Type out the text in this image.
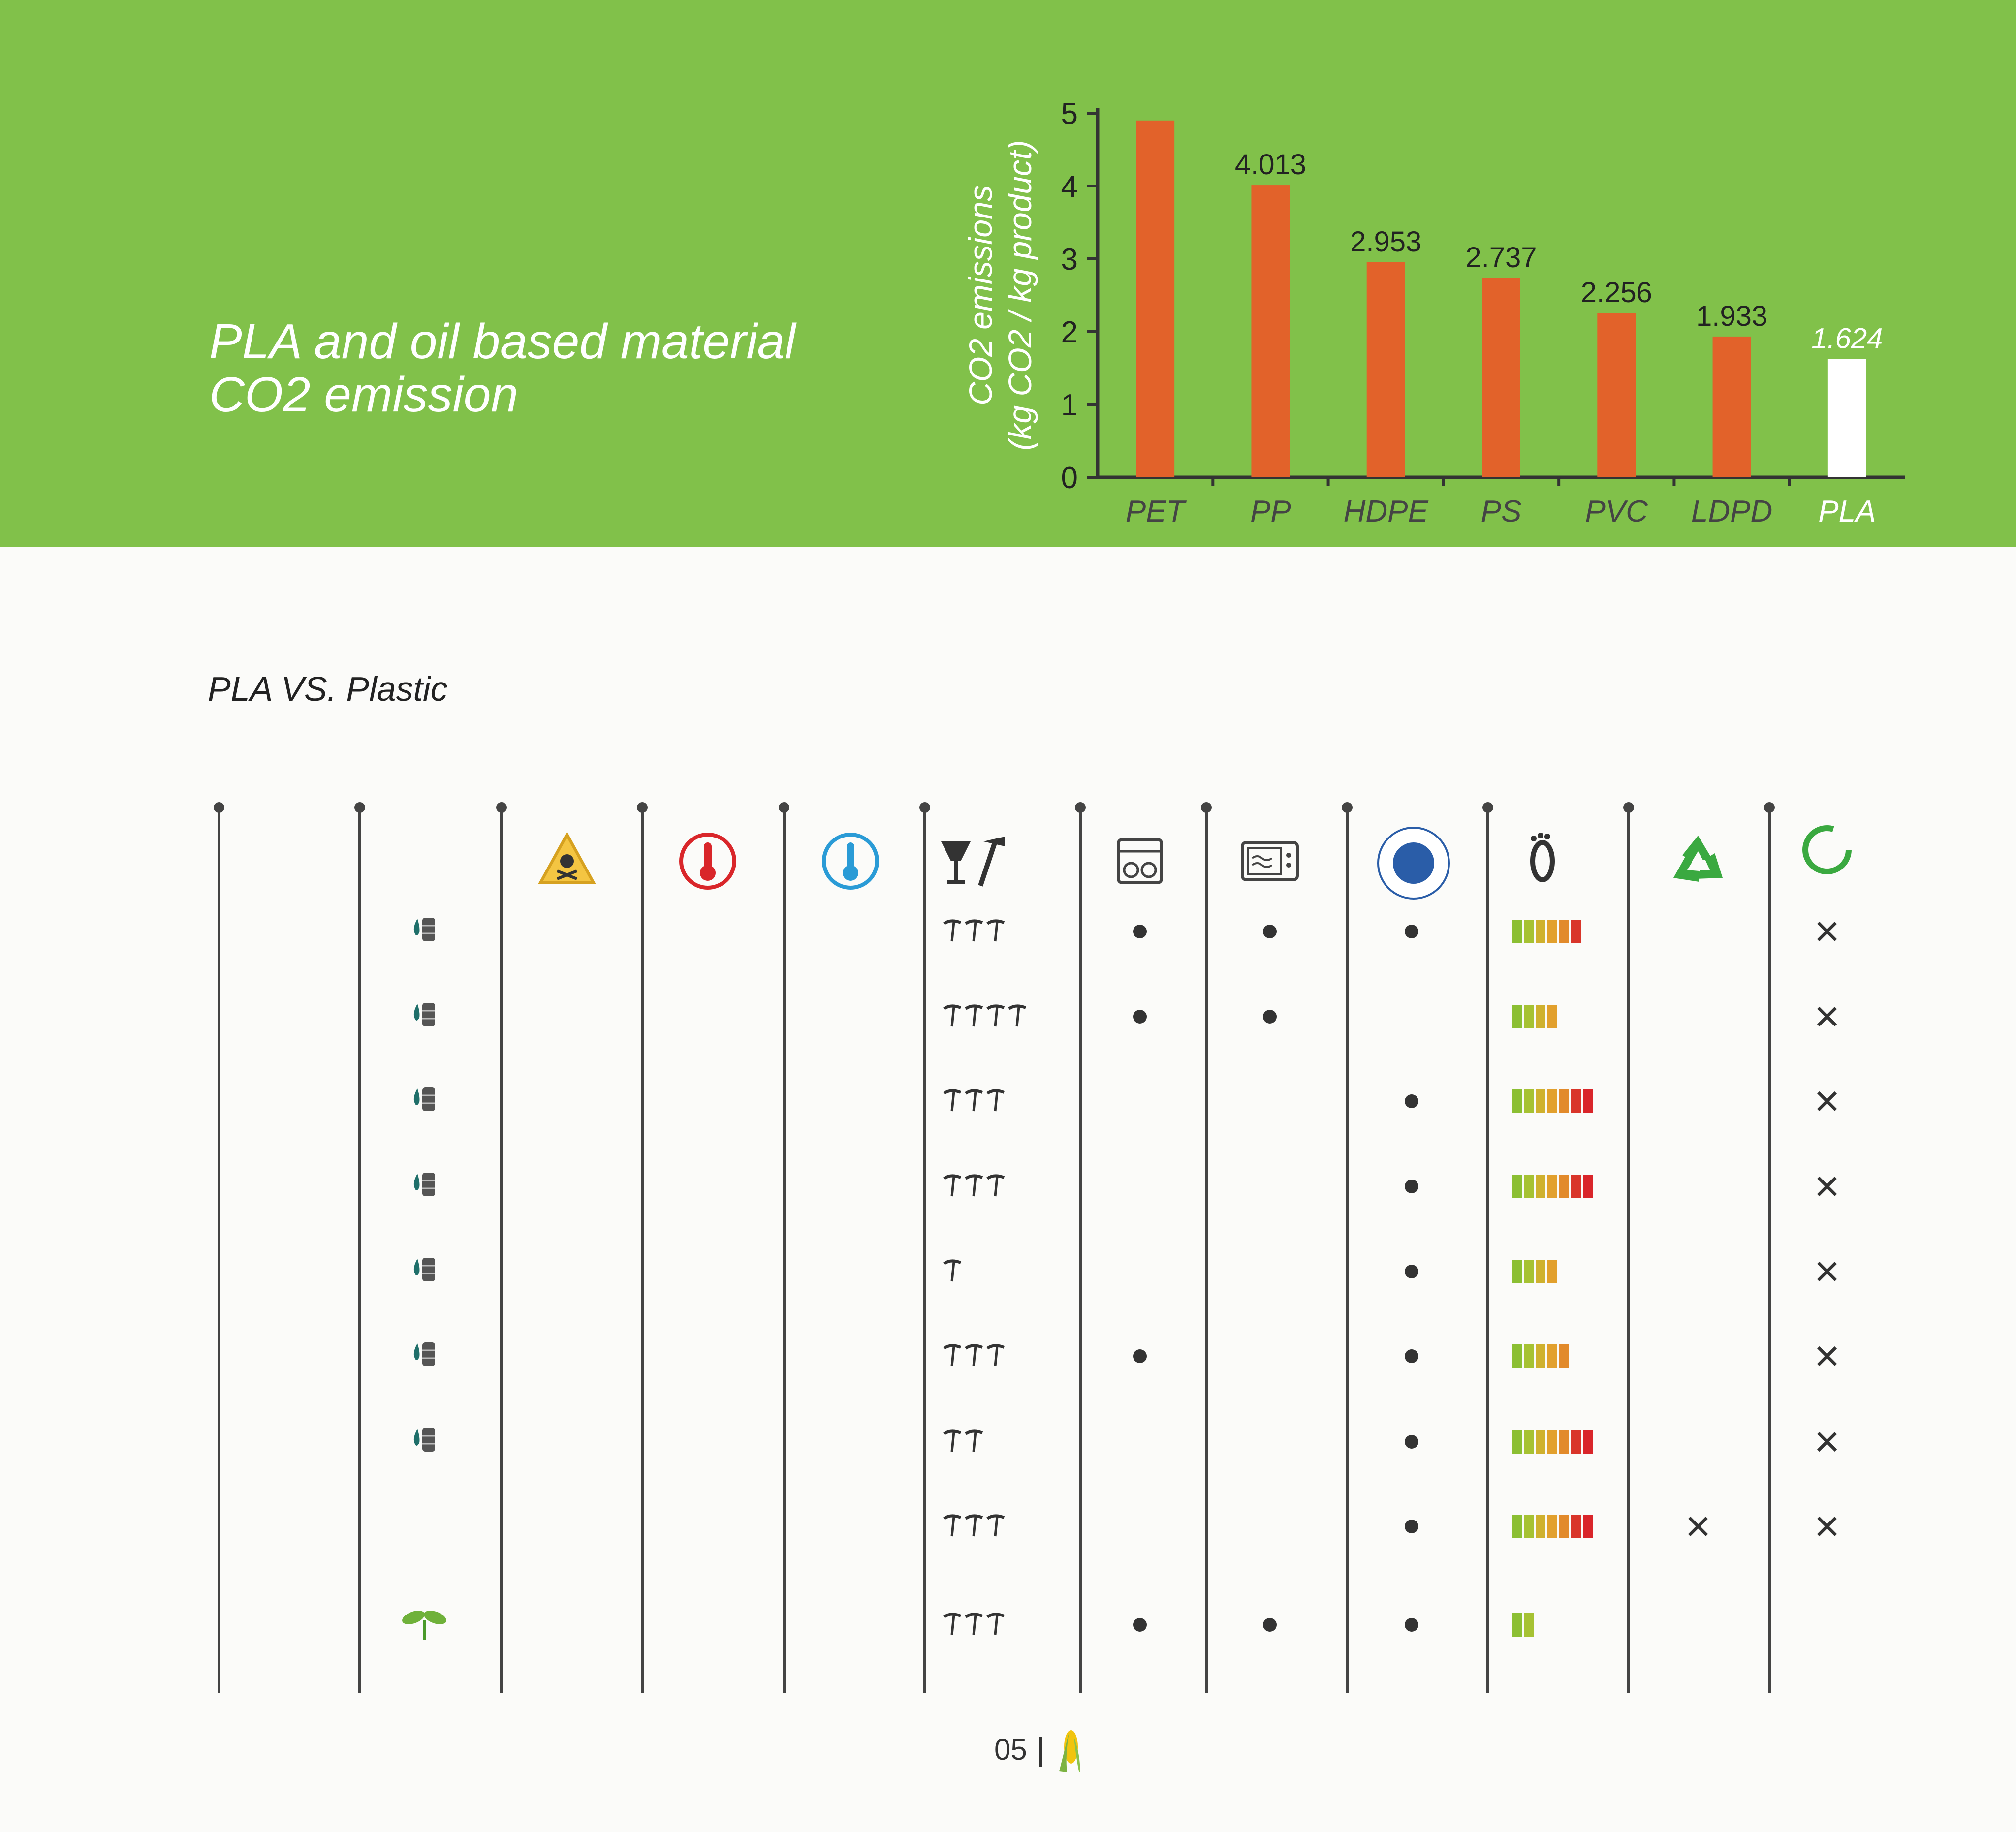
PLA and oil based material
CO2 emission
0
1
2
3
4
5
CO2 emissions (kg CO2 / kg product)
PET PP
4.013
HDPE
2.953
PS
2.737
PVC
2.256
LDPD
1.933
PLA
1.624
PLA VS. Plastic
×
×
×
×
×
×
×
× ×
05
